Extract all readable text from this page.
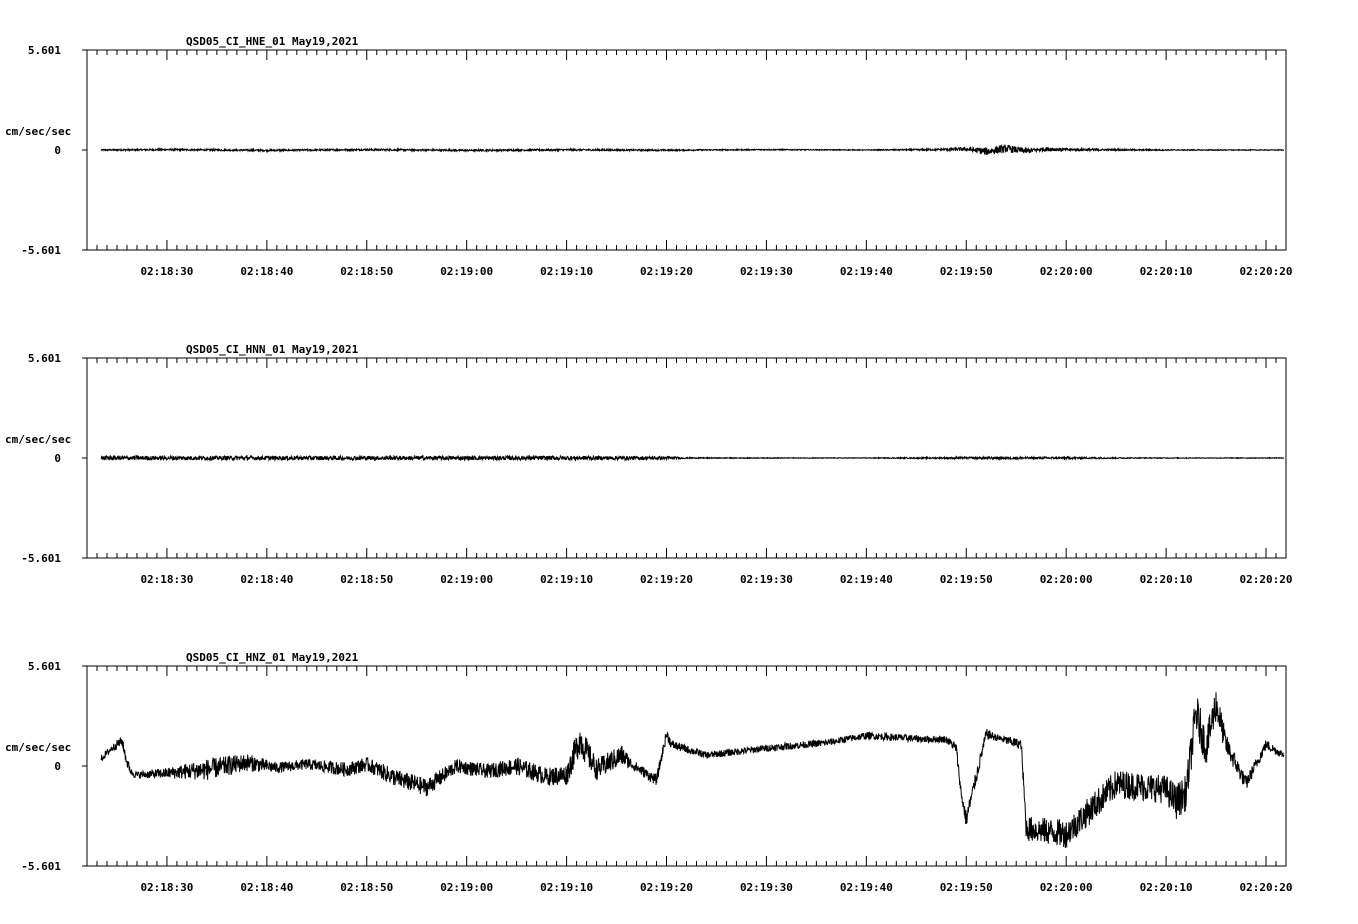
QSD05_CI_HNE_01 May19,2021
cm/sec/sec
5.601
0
-5.601
02:18:30	02:18:40	02:18:50	02:19:00	02:19:10	02:19:20	02:19:30	02:19:40	02:19:50	02:20:00	02:20:10	02:20:20
QSD05_CI_HNN_01 May19,2021
cm/sec/sec
5.601
0
-5.601
02:18:30	02:18:40	02:18:50	02:19:00	02:19:10	02:19:20	02:19:30	02:19:40	02:19:50	02:20:00	02:20:10	02:20:20
QSD05_CI_HNZ_01 May19,2021
cm/sec/sec
5.601
0
-5.601
02:18:30	02:18:40	02:18:50	02:19:00	02:19:10	02:19:20	02:19:30	02:19:40	02:19:50	02:20:00	02:20:10	02:20:20
